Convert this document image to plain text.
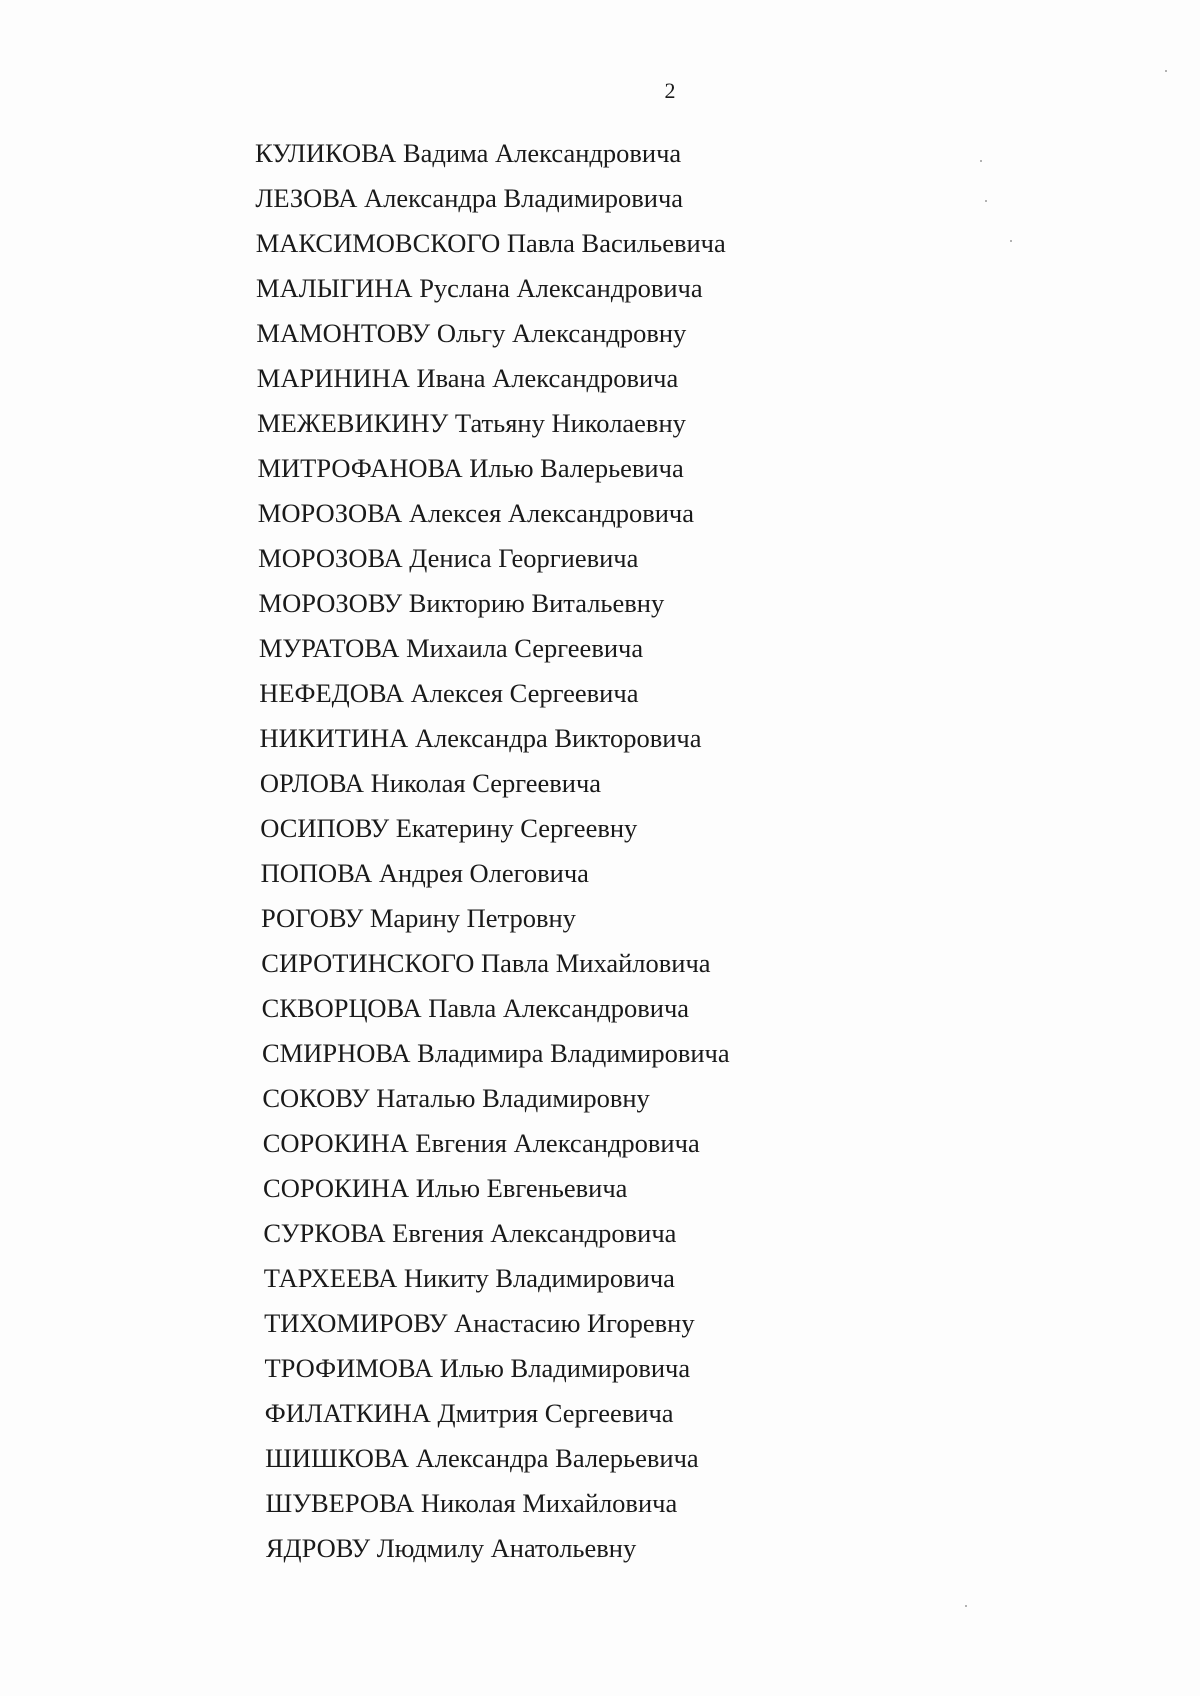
2
КУЛИКОВА Вадима Александровича
ЛЕЗОВА Александра Владимировича
МАКСИМОВСКОГО Павла Васильевича
МАЛЫГИНА Руслана Александровича
МАМОНТОВУ Ольгу Александровну
МАРИНИНА Ивана Александровича
МЕЖЕВИКИНУ Татьяну Николаевну
МИТРОФАНОВА Илью Валерьевича
МОРОЗОВА Алексея Александровича
МОРОЗОВА Дениса Георгиевича
МОРОЗОВУ Викторию Витальевну
МУРАТОВА Михаила Сергеевича
НЕФЕДОВА Алексея Сергеевича
НИКИТИНА Александра Викторовича
ОРЛОВА Николая Сергеевича
ОСИПОВУ Екатерину Сергеевну
ПОПОВА Андрея Олеговича
РОГОВУ Марину Петровну
СИРОТИНСКОГО Павла Михайловича
СКВОРЦОВА Павла Александровича
СМИРНОВА Владимира Владимировича
СОКОВУ Наталью Владимировну
СОРОКИНА Евгения Александровича
СОРОКИНА Илью Евгеньевича
СУРКОВА Евгения Александровича
ТАРХЕЕВА Никиту Владимировича
ТИХОМИРОВУ Анастасию Игоревну
ТРОФИМОВА Илью Владимировича
ФИЛАТКИНА Дмитрия Сергеевича
ШИШКОВА Александра Валерьевича
ШУВЕРОВА Николая Михайловича
ЯДРОВУ Людмилу Анатольевну
